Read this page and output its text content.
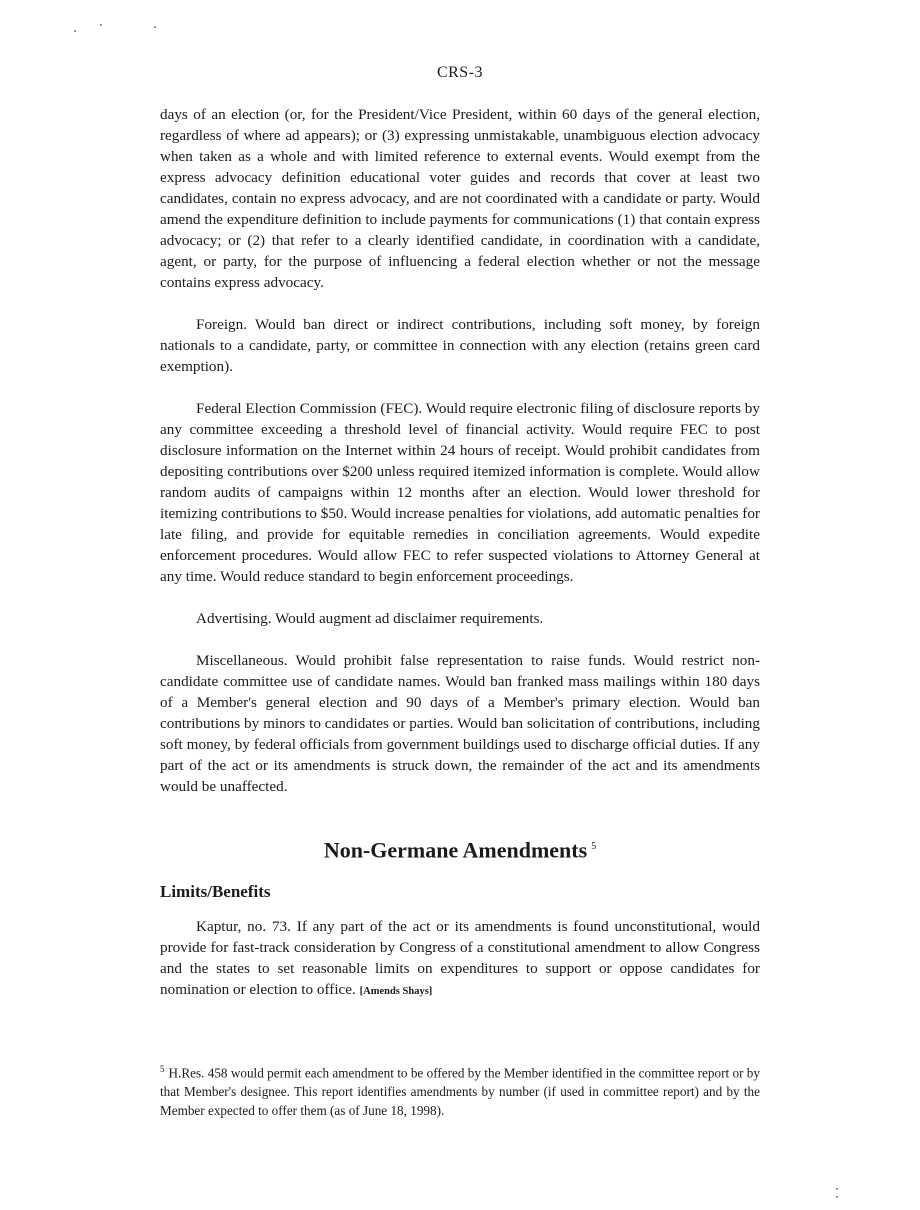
CRS-3

days of an election (or, for the President/Vice President, within 60 days of the general election, regardless of where ad appears); or (3) expressing unmistakable, unambiguous election advocacy when taken as a whole and with limited reference to external events. Would exempt from the express advocacy definition educational voter guides and records that cover at least two candidates, contain no express advocacy, and are not coordinated with a candidate or party. Would amend the expenditure definition to include payments for communications (1) that contain express advocacy; or (2) that refer to a clearly identified candidate, in coordination with a candidate, agent, or party, for the purpose of influencing a federal election whether or not the message contains express advocacy.

Foreign. Would ban direct or indirect contributions, including soft money, by foreign nationals to a candidate, party, or committee in connection with any election (retains green card exemption).

Federal Election Commission (FEC). Would require electronic filing of disclosure reports by any committee exceeding a threshold level of financial activity. Would require FEC to post disclosure information on the Internet within 24 hours of receipt. Would prohibit candidates from depositing contributions over $200 unless required itemized information is complete. Would allow random audits of campaigns within 12 months after an election. Would lower threshold for itemizing contributions to $50. Would increase penalties for violations, add automatic penalties for late filing, and provide for equitable remedies in conciliation agreements. Would expedite enforcement procedures. Would allow FEC to refer suspected violations to Attorney General at any time. Would reduce standard to begin enforcement proceedings.

Advertising. Would augment ad disclaimer requirements.

Miscellaneous. Would prohibit false representation to raise funds. Would restrict non-candidate committee use of candidate names. Would ban franked mass mailings within 180 days of a Member's general election and 90 days of a Member's primary election. Would ban contributions by minors to candidates or parties. Would ban solicitation of contributions, including soft money, by federal officials from government buildings used to discharge official duties. If any part of the act or its amendments is struck down, the remainder of the act and its amendments would be unaffected.

Non-Germane Amendments $^5$
Limits/Benefits

Kaptur, no. 73. If any part of the act or its amendments is found unconstitutional, would provide for fast-track consideration by Congress of a constitutional amendment to allow Congress and the states to set reasonable limits on expenditures to support or oppose candidates for nomination or election to office. [Amends Shays]

$^5$ H.Res. 458 would permit each amendment to be offered by the Member identified in the committee report or by that Member's designee. This report identifies amendments by number (if used in committee report) and by the Member expected to offer them (as of June 18, 1998).
